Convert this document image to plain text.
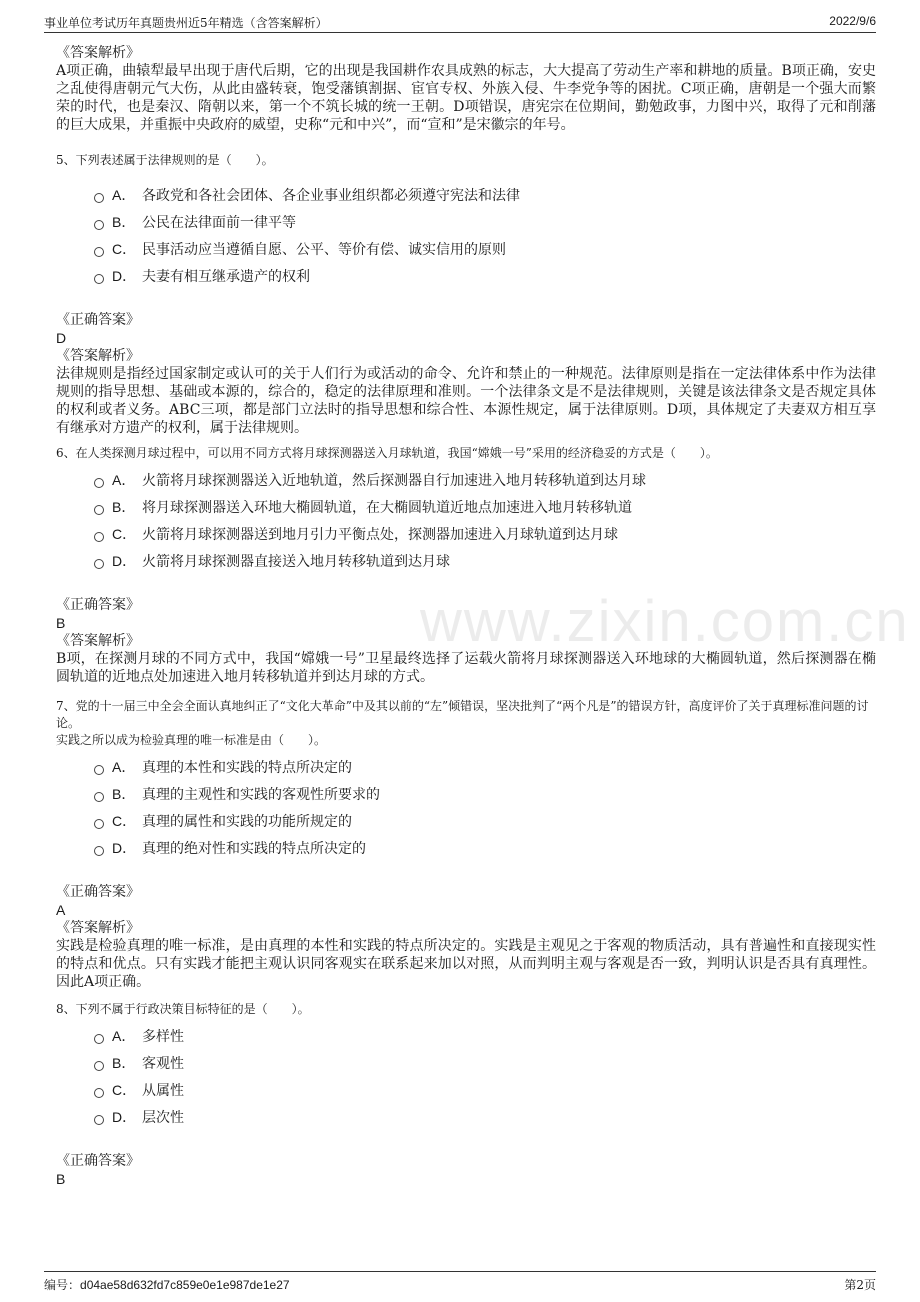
事业单位考试历年真题贵州近5年精选（含答案解析）	2022/9/6
www.zixin.com.cn
《答案解析》

A项正确，曲辕犁最早出现于唐代后期，它的出现是我国耕作农具成熟的标志，大大提高了劳动生产率和耕地的质量。B项正确，安史之乱使得唐朝元气大伤，从此由盛转衰，饱受藩镇割据、宦官专权、外族入侵、牛李党争等的困扰。C项正确，唐朝是一个强大而繁荣的时代，也是秦汉、隋朝以来，第一个不筑长城的统一王朝。D项错误，唐宪宗在位期间，勤勉政事，力图中兴，取得了元和削藩的巨大成果，并重振中央政府的威望，史称“元和中兴”，而“宣和”是宋徽宗的年号。

5、下列表述属于法律规则的是（　　）。

A． 各政党和各社会团体、各企业事业组织都必须遵守宪法和法律
B． 公民在法律面前一律平等
C． 民事活动应当遵循自愿、公平、等价有偿、诚实信用的原则
D． 夫妻有相互继承遗产的权利
《正确答案》
D
《答案解析》

法律规则是指经过国家制定或认可的关于人们行为或活动的命令、允许和禁止的一种规范。法律原则是指在一定法律体系中作为法律规则的指导思想、基础或本源的，综合的，稳定的法律原理和准则。一个法律条文是不是法律规则，关键是该法律条文是否规定具体的权利或者义务。ABC三项，都是部门立法时的指导思想和综合性、本源性规定，属于法律原则。D项，具体规定了夫妻双方相互享有继承对方遗产的权利，属于法律规则。

6、在人类探测月球过程中，可以用不同方式将月球探测器送入月球轨道，我国“嫦娥一号”采用的经济稳妥的方式是（　　）。

A． 火箭将月球探测器送入近地轨道，然后探测器自行加速进入地月转移轨道到达月球
B． 将月球探测器送入环地大椭圆轨道，在大椭圆轨道近地点加速进入地月转移轨道
C． 火箭将月球探测器送到地月引力平衡点处，探测器加速进入月球轨道到达月球
D． 火箭将月球探测器直接送入地月转移轨道到达月球
《正确答案》
B
《答案解析》

B项，在探测月球的不同方式中，我国“嫦娥一号”卫星最终选择了运载火箭将月球探测器送入环地球的大椭圆轨道，然后探测器在椭圆轨道的近地点处加速进入地月转移轨道并到达月球的方式。

7、党的十一届三中全会全面认真地纠正了“文化大革命”中及其以前的“左”倾错误，坚决批判了“两个凡是”的错误方针，高度评价了关于真理标准问题的讨论。

实践之所以成为检验真理的唯一标准是由（　　）。

A． 真理的本性和实践的特点所决定的
B． 真理的主观性和实践的客观性所要求的
C． 真理的属性和实践的功能所规定的
D． 真理的绝对性和实践的特点所决定的
《正确答案》
A
《答案解析》

实践是检验真理的唯一标准，是由真理的本性和实践的特点所决定的。实践是主观见之于客观的物质活动，具有普遍性和直接现实性的特点和优点。只有实践才能把主观认识同客观实在联系起来加以对照，从而判明主观与客观是否一致，判明认识是否具有真理性。因此A项正确。

8、下列不属于行政决策目标特征的是（　　）。

A． 多样性
B． 客观性
C． 从属性
D． 层次性
《正确答案》
B
编号：d04ae58d632fd7c859e0e1e987de1e27	第2页
